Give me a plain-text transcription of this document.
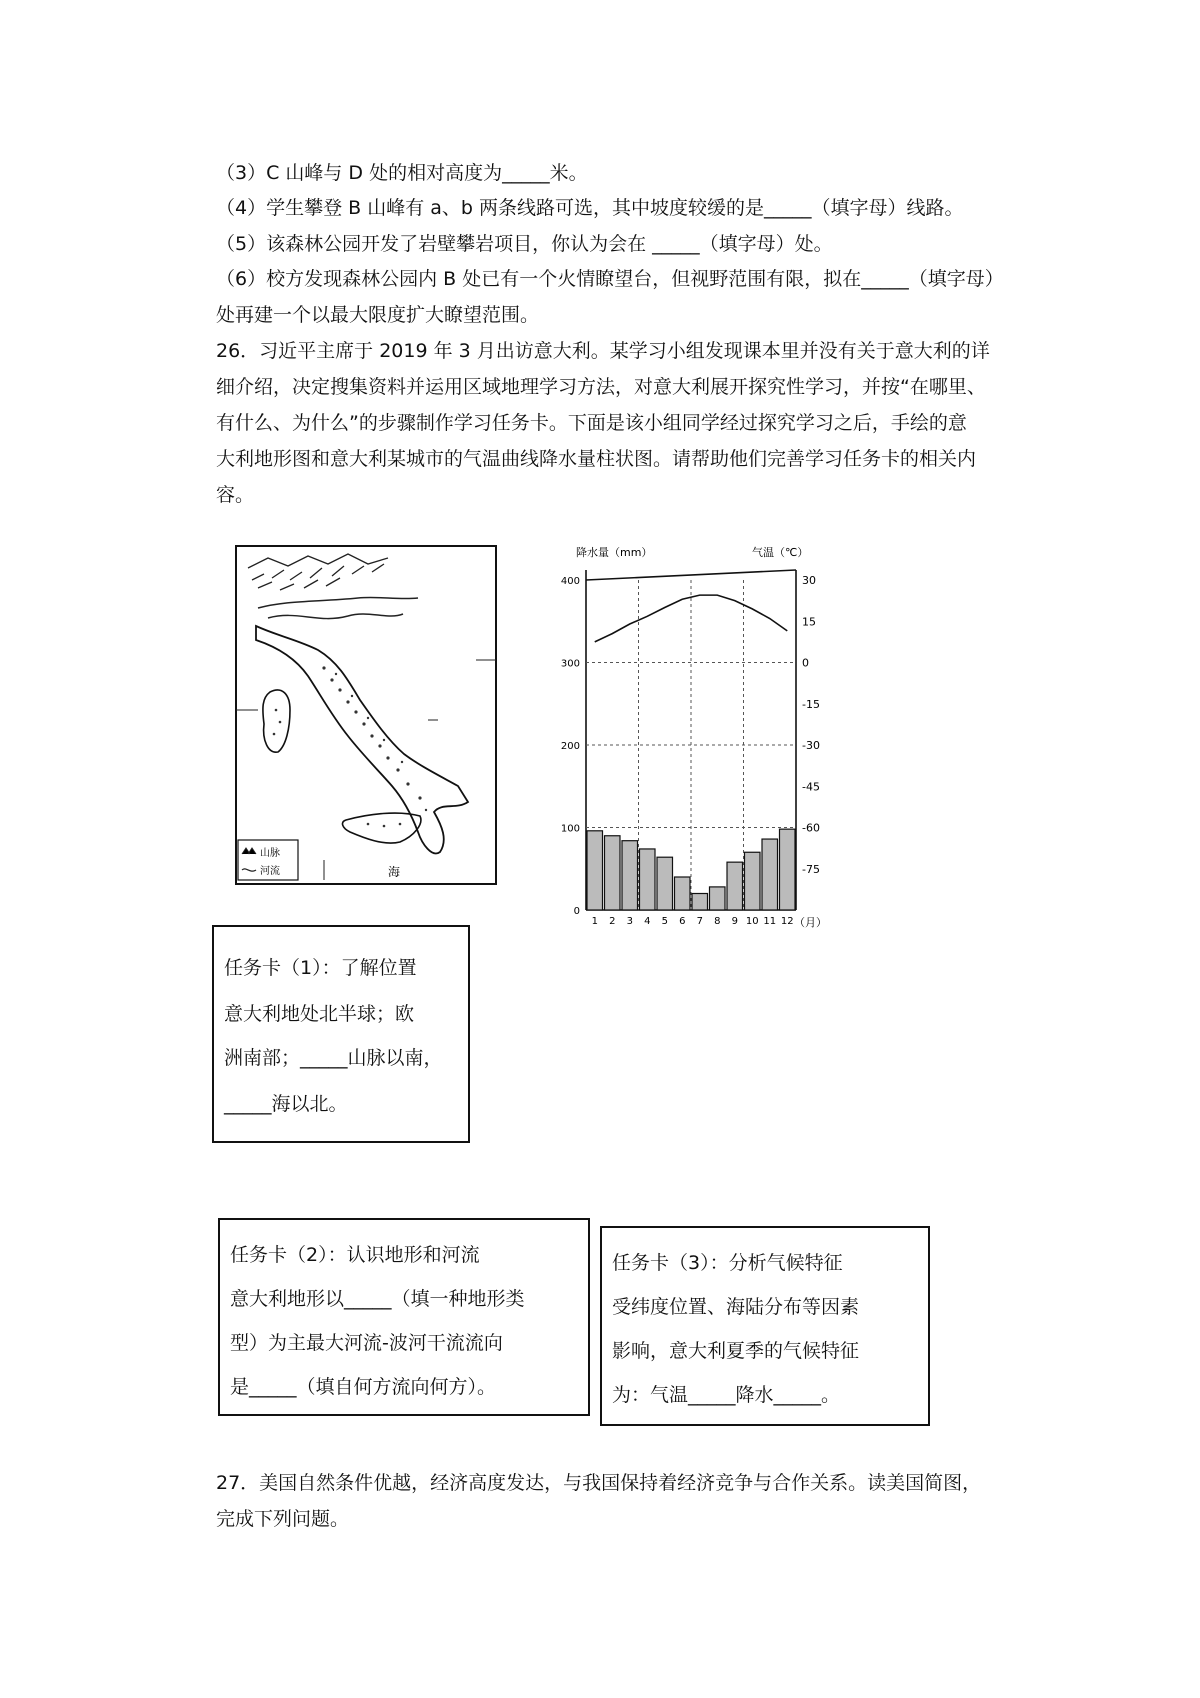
（3）C 山峰与 D 处的相对高度为_____米。
（4）学生攀登 B 山峰有 a、b 两条线路可选，其中坡度较缓的是_____（填字母）线路。
（5）该森林公园开发了岩壁攀岩项目，你认为会在 _____（填字母）处。
（6）校方发现森林公园内 B 处已有一个火情瞭望台，但视野范围有限，拟在_____（填字母）
处再建一个以最大限度扩大瞭望范围。
26．习近平主席于 2019 年 3 月出访意大利。某学习小组发现课本里并没有关于意大利的详
细介绍，决定搜集资料并运用区域地理学习方法，对意大利展开探究性学习，并按“在哪里、
有什么、为什么”的步骤制作学习任务卡。下面是该小组同学经过探究学习之后，手绘的意
大利地形图和意大利某城市的气温曲线降水量柱状图。请帮助他们完善学习任务卡的相关内
容。
山脉
河流	海
降水量（mm）	气温（℃）
0
100
200
300
400	30
15
0
-15
-30
-45
-60
-75
1 2 3 4 5 6 7 8 9 10 11 12 （月）
任务卡（1）：了解位置
意大利地处北半球；欧
洲南部；_____山脉以南，
_____海以北。
任务卡（2）：认识地形和河流
意大利地形以_____（填一种地形类
型）为主最大河流-波河干流流向
是_____（填自何方流向何方）。
任务卡（3）：分析气候特征
受纬度位置、海陆分布等因素
影响，意大利夏季的气候特征
为：气温_____降水_____。
27．美国自然条件优越，经济高度发达，与我国保持着经济竞争与合作关系。读美国简图，
完成下列问题。
